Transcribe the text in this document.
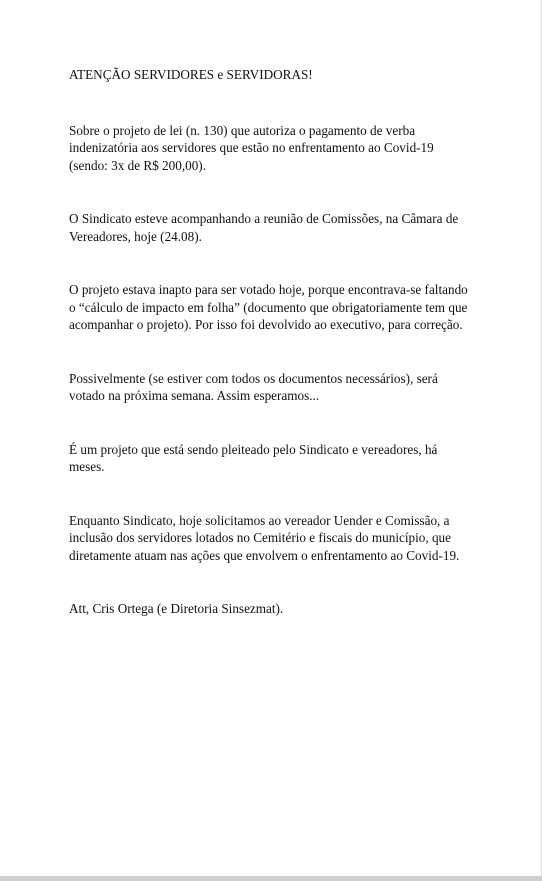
ATENÇÃO SERVIDORES e SERVIDORAS!

Sobre o projeto de lei (n. 130) que autoriza o pagamento de verba
indenizatória aos servidores que estão no enfrentamento ao Covid-19
(sendo: 3x de R$ 200,00).

O Sindicato esteve acompanhando a reunião de Comissões, na Câmara de
Vereadores, hoje (24.08).

O projeto estava inapto para ser votado hoje, porque encontrava-se faltando
o “cálculo de impacto em folha” (documento que obrigatoriamente tem que
acompanhar o projeto). Por isso foi devolvido ao executivo, para correção.

Possivelmente (se estiver com todos os documentos necessários), será
votado na próxima semana. Assim esperamos...

É um projeto que está sendo pleiteado pelo Sindicato e vereadores, há
meses.

Enquanto Sindicato, hoje solicitamos ao vereador Uender e Comissão, a
inclusão dos servidores lotados no Cemitério e fiscais do município, que
diretamente atuam nas ações que envolvem o enfrentamento ao Covid-19.

Att, Cris Ortega (e Diretoria Sinsezmat).
